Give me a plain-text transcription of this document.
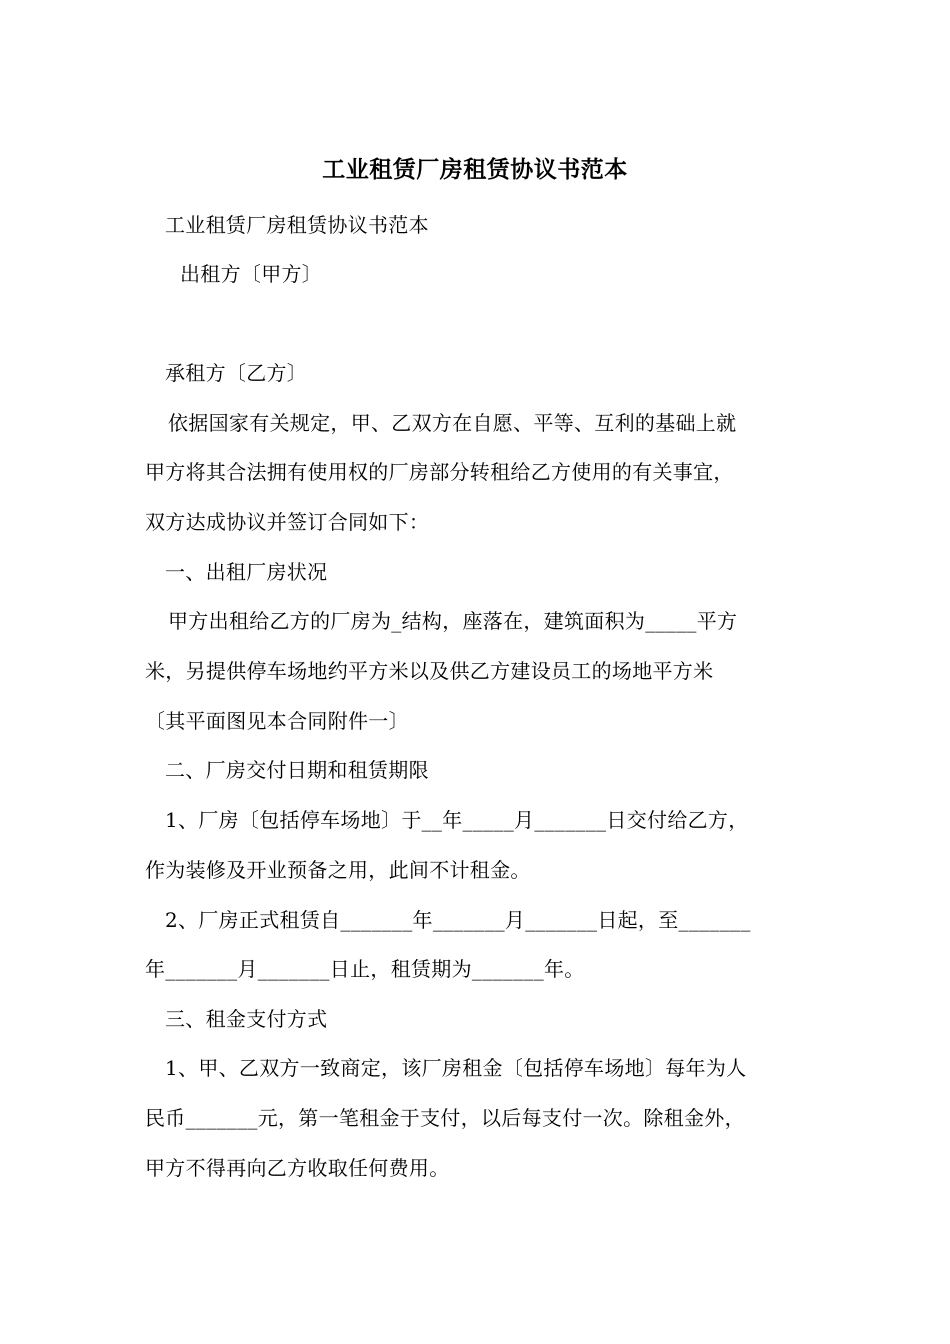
工业租赁厂房租赁协议书范本
工业租赁厂房租赁协议书范本
出租方〔甲方〕
承租方〔乙方〕
依据国家有关规定，甲、乙双方在自愿、平等、互利的基础上就
甲方将其合法拥有使用权的厂房部分转租给乙方使用的有关事宜，
双方达成协议并签订合同如下：
一、出租厂房状况
甲方出租给乙方的厂房为_结构，座落在，建筑面积为_____平方
米，另提供停车场地约平方米以及供乙方建设员工的场地平方米
〔其平面图见本合同附件一〕
二、厂房交付日期和租赁期限
1、厂房〔包括停车场地〕于__年_____月_______日交付给乙方，
作为装修及开业预备之用，此间不计租金。
2、厂房正式租赁自_______年_______月_______日起，至_______
年_______月_______日止，租赁期为_______年。
三、租金支付方式
1、甲、乙双方一致商定，该厂房租金〔包括停车场地〕每年为人
民币_______元，第一笔租金于支付，以后每支付一次。除租金外，
甲方不得再向乙方收取任何费用。
